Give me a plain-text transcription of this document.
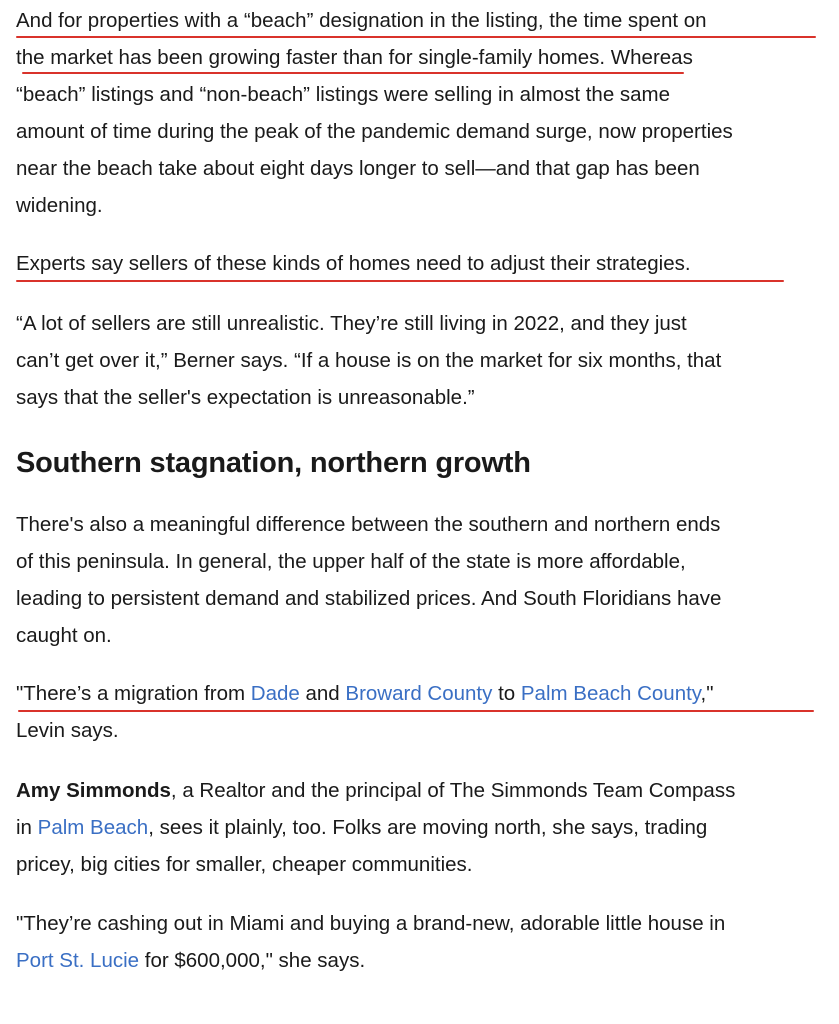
And for properties with a “beach” designation in the listing, the time spent on
the market has been growing faster than for single-family homes. Whereas
“beach” listings and “non-beach” listings were selling in almost the same
amount of time during the peak of the pandemic demand surge, now properties
near the beach take about eight days longer to sell—and that gap has been
widening.

Experts say sellers of these kinds of homes need to adjust their strategies.

“A lot of sellers are still unrealistic. They’re still living in 2022, and they just
can’t get over it,” Berner says. “If a house is on the market for six months, that
says that the seller's expectation is unreasonable.”

Southern stagnation, northern growth

There's also a meaningful difference between the southern and northern ends
of this peninsula. In general, the upper half of the state is more affordable,
leading to persistent demand and stabilized prices. And South Floridians have
caught on.

"There’s a migration from Dade and Broward County to Palm Beach County,"
Levin says.

Amy Simmonds, a Realtor and the principal of The Simmonds Team Compass
in Palm Beach, sees it plainly, too. Folks are moving north, she says, trading
pricey, big cities for smaller, cheaper communities.

"They’re cashing out in Miami and buying a brand-new, adorable little house in
Port St. Lucie for $600,000," she says.
